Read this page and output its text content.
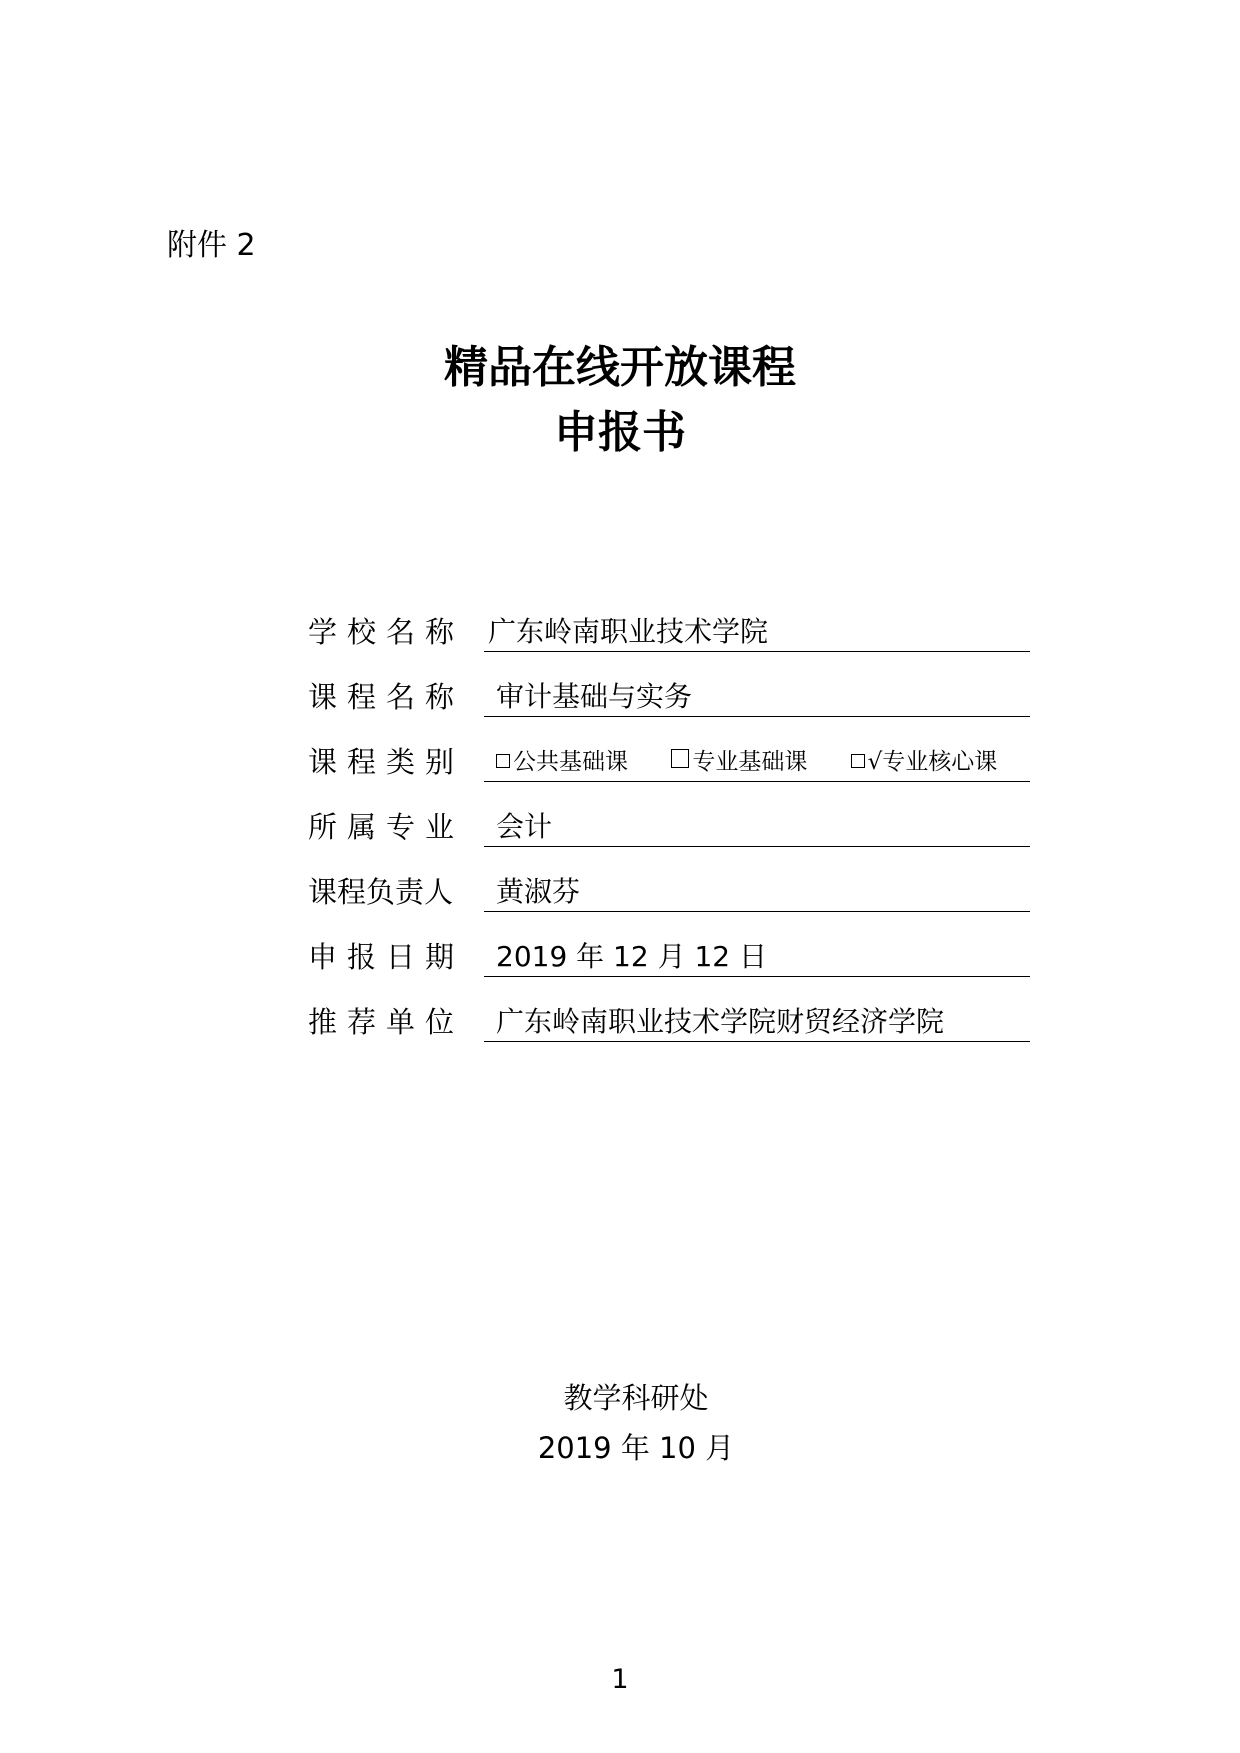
附件 2
精品在线开放课程
申报书
学校名称 广东岭南职业技术学院
课程名称	审计基础与实务
课程类别	公共基础课	专业基础课	√专业核心课
所属专业	会计
课程负责人	黄淑芬
申报日期	2019 年 12 月 12 日
推荐单位	广东岭南职业技术学院财贸经济学院
教学科研处
2019 年 10 月
1
